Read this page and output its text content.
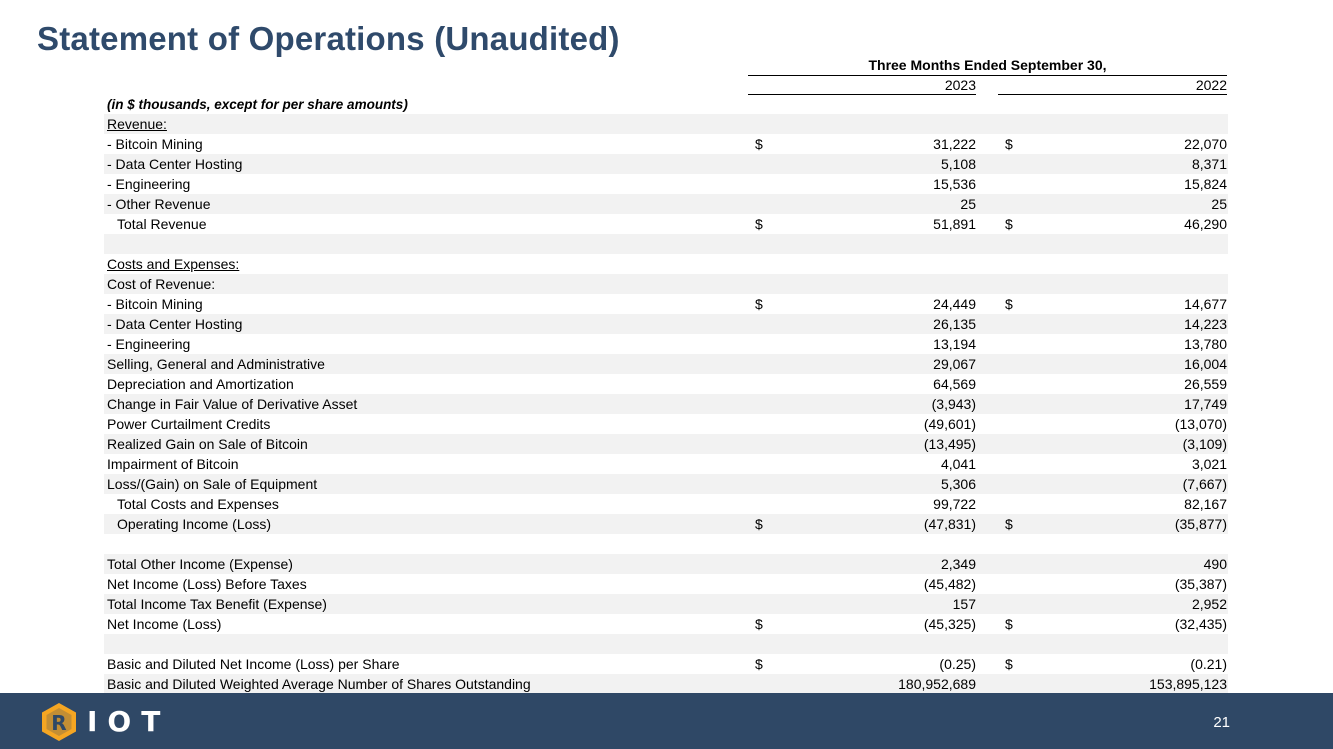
Statement of Operations (Unaudited)
Three Months Ended September 30,
2023	2022
(in $ thousands, except for per share amounts)
Revenue:
- Bitcoin Mining	$	31,222 $	22,070
- Data Center Hosting	5,108	8,371
- Engineering	15,536	15,824
- Other Revenue	25	25
Total Revenue	$	51,891 $	46,290
Costs and Expenses:
Cost of Revenue:
- Bitcoin Mining	$	24,449 $	14,677
- Data Center Hosting	26,135	14,223
- Engineering	13,194	13,780
Selling, General and Administrative	29,067	16,004
Depreciation and Amortization	64,569	26,559
Change in Fair Value of Derivative Asset	(3,943)	17,749
Power Curtailment Credits	(49,601)	(13,070)
Realized Gain on Sale of Bitcoin	(13,495)	(3,109)
Impairment of Bitcoin	4,041	3,021
Loss/(Gain) on Sale of Equipment	5,306	(7,667)
Total Costs and Expenses	99,722	82,167
Operating Income (Loss)	$	(47,831) $	(35,877)
Total Other Income (Expense)	2,349	490
Net Income (Loss) Before Taxes	(45,482)	(35,387)
Total Income Tax Benefit (Expense)	157	2,952
Net Income (Loss)	$	(45,325) $	(32,435)
Basic and Diluted Net Income (Loss) per Share	$	(0.25) $	(0.21)
Basic and Diluted Weighted Average Number of Shares Outstanding	180,952,689	153,895,123
R IOT	21
